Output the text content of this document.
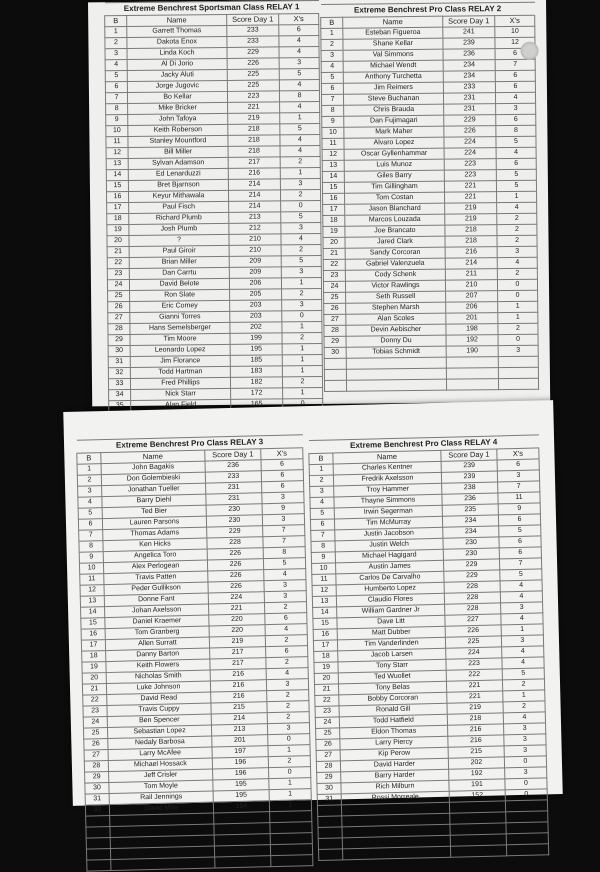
Extreme Benchrest Sportsman Class RELAY 1			
B	Name	Score Day 1	X's
1	Garrett Thomas	233	6
2	Dakota Enox	233	4
3	Linda Koch	229	4
4	Al Di Jorio	226	3
5	Jacky Aluti	225	5
6	Jorge Jugovic	225	4
7	Bo Kellar	223	8
8	Mike Bricker	221	4
9	John Tafoya	219	1
10	Keith Roberson	218	5
11	Stanley Mountford	218	4
12	Bill Miller	218	4
13	Sylvan Adamson	217	2
14	Ed Lenarduzzi	216	1
15	Bret Bjarnson	214	3
16	Keyur Mithawala	214	2
17	Paul Fisch	214	0
18	Richard Plumb	213	5
19	Josh Plumb	212	3
20	?	210	4
21	Paul Giroir	210	2
22	Brian Miller	209	5
23	Dan Carrtu	209	3
24	David Belote	206	1
25	Ron Slate	205	2
26	Eric Comey	203	3
27	Gianni Torres	203	0
28	Hans Semelsberger	202	1
29	Tim Moore	199	2
30	Leonardo Lopez	195	1
31	Jim Florance	185	1
32	Todd Hartman	183	1
33	Fred Phillips	182	2
34	Nick Starr	172	1
35	Alan Field	165	0

Extreme Benchrest Pro Class RELAY 2			
B	Name	Score Day 1	X's
1	Esteban Figueroa	241	10
2	Shane Kellar	239	12
3	Val Simmons	236	6
4	Michael Wendt	234	7
5	Anthony Turchetta	234	6
6	Jim Reimers	233	6
7	Steve Buchanan	231	4
8	Chris Brauda	231	3
9	Dan Fujimagari	229	6
10	Mark Maher	226	8
11	Alvaro Lopez	224	5
12	Oscar Gyllenhammar	224	4
13	Luis Munoz	223	6
14	Giles Barry	223	5
15	Tim Gillingham	221	5
16	Tom Costan	221	1
17	Jason Blanchard	219	4
18	Marcos Louzada	219	2
19	Joe Brancato	218	2
20	Jared Clark	218	2
21	Sandy Corcoran	216	3
22	Gabriel Valenzuela	214	4
23	Cody Schenk	211	2
24	Victor Rawlings	210	0
25	Seth Russell	207	0
26	Stephen Marsh	206	1
27	Alan Scoles	201	1
28	Devin Aebischer	198	2
29	Donny Du	192	0
30	Tobias Schmidt	190	3

Extreme Benchrest Pro Class RELAY 3			
B	Name	Score Day 1	X's
1	John Bagakis	236	6
2	Don Golembieski	233	6
3	Jonathan Tueller	231	6
4	Barry Diehl	231	3
5	Ted Bier	230	9
6	Lauren Parsons	230	3
7	Thomas Adams	229	7
8	Ken Hicks	228	7
9	Angelica Toro	226	8
10	Alex Perlogean	226	5
11	Travis Patten	226	4
12	Peder Gullikson	226	3
13	Donne Fant	224	3
14	Johan Axelsson	221	2
15	Daniel Kraemer	220	6
16	Tom Granberg	220	4
17	Allen Surratt	219	2
18	Danny Barton	217	6
19	Keith Flowers	217	2
20	Nicholas Smith	216	4
21	Luke Johnson	216	3
22	David Read	216	2
23	Travis Cuppy	215	2
24	Ben Spencer	214	2
25	Sebastian Lopez	213	3
26	Nedaly Barbosa	201	0
27	Larry McAfee	197	1
28	Michael Hossack	196	2
29	Jeff Crisler	196	0
30	Tom Moyle	195	1
31	Rail Jennings	195	1
32	David Mills	154	1

Extreme Benchrest Pro Class RELAY 4			
B	Name	Score Day 1	X's
1	Charles Kentner	239	6
2	Fredrik Axelsson	239	3
3	Troy Hammer	238	7
4	Thayne Simmons	236	11
5	Irwin Segerman	235	9
6	Tim McMurray	234	6
7	Justin Jacobson	234	5
8	Justin Welch	230	6
9	Michael Hagigard	230	6
10	Austin James	229	7
11	Carlos De Carvalho	229	5
12	Humberto Lopez	228	4
13	Claudio Flores	228	4
14	William Gardner Jr	228	3
15	Dave Litt	227	4
16	Matt Dubber	226	1
17	Tim Vanderlinden	225	3
18	Jacob Larsen	224	4
19	Tony Starr	223	4
20	Ted Wuollet	222	5
21	Tony Belas	221	2
22	Bobby Corcoran	221	1
23	Ronald Gill	219	2
24	Todd Hatfield	218	4
25	Eldon Thomas	216	3
26	Larry Piercy	216	3
27	Kip Perow	215	3
28	David Harder	202	0
29	Barry Harder	192	3
30	Rich Milburn	191	0
31	Rossi Morreale	152	0
